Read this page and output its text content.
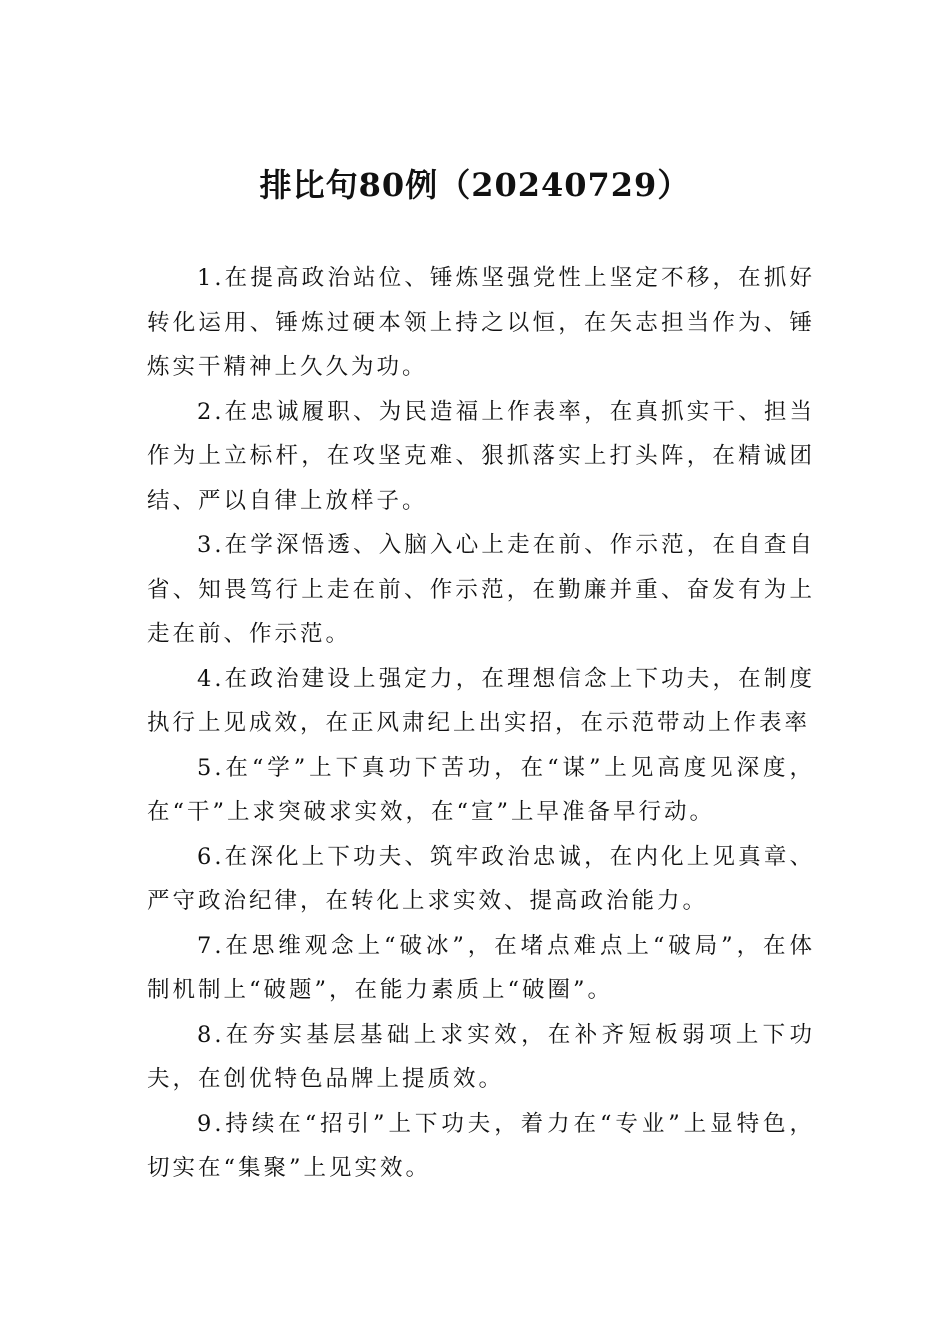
排比句80例（20240729）

1.在提高政治站位、锤炼坚强党性上坚定不移，在抓好转化运用、锤炼过硬本领上持之以恒，在矢志担当作为、锤炼实干精神上久久为功。

2.在忠诚履职、为民造福上作表率，在真抓实干、担当作为上立标杆，在攻坚克难、狠抓落实上打头阵，在精诚团结、严以自律上放样子。

3.在学深悟透、入脑入心上走在前、作示范，在自查自省、知畏笃行上走在前、作示范，在勤廉并重、奋发有为上走在前、作示范。

4.在政治建设上强定力，在理想信念上下功夫，在制度执行上见成效，在正风肃纪上出实招，在示范带动上作表率

5.在“学”上下真功下苦功，在“谋”上见高度见深度，在“干”上求突破求实效，在“宣”上早准备早行动。

6.在深化上下功夫、筑牢政治忠诚，在内化上见真章、严守政治纪律，在转化上求实效、提高政治能力。

7.在思维观念上“破冰”，在堵点难点上“破局”，在体制机制上“破题”，在能力素质上“破圈”。

8.在夯实基层基础上求实效，在补齐短板弱项上下功夫，在创优特色品牌上提质效。

9.持续在“招引”上下功夫，着力在“专业”上显特色，切实在“集聚”上见实效。
